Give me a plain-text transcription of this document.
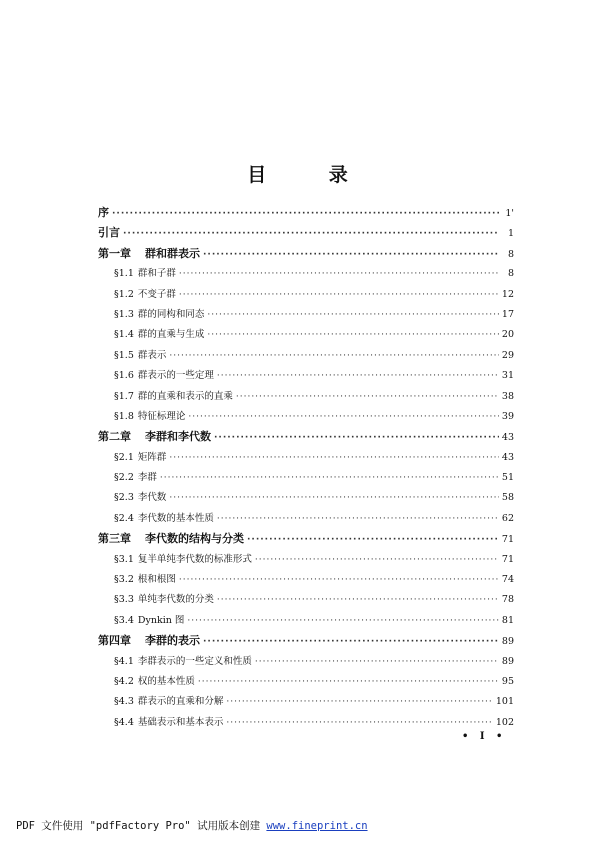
目 录
序 ·····	1'
引言 ·····	1
第一章 群和群表示 ·····	8
§1.1 群和子群 ·····	8
§1.2 不变子群 ·····	12
§1.3 群的同构和同态 ·····	17
§1.4 群的直乘与生成 ·····	20
§1.5 群表示 ·····	29
§1.6 群表示的一些定理 ·····	31
§1.7 群的直乘和表示的直乘 ·····	38
§1.8 特征标理论 ·····	39
第二章 李群和李代数 ·····	43
§2.1 矩阵群 ·····	43
§2.2 李群 ·····	51
§2.3 李代数 ·····	58
§2.4 李代数的基本性质 ·····	62
第三章 李代数的结构与分类 ·····	71
§3.1 复半单纯李代数的标准形式 ·····	71
§3.2 根和根图 ·····	74
§3.3 单纯李代数的分类 ·····	78
§3.4 Dynkin 图 ·····	81
第四章 李群的表示 ·····	89
§4.1 李群表示的一些定义和性质 ·····	89
§4.2 权的基本性质 ·····	95
§4.3 群表示的直乘和分解 ·····	101
§4.4 基础表示和基本表示 ·····	102
• I •
PDF 文件使用 "pdfFactory Pro" 试用版本创建 www.fineprint.cn
